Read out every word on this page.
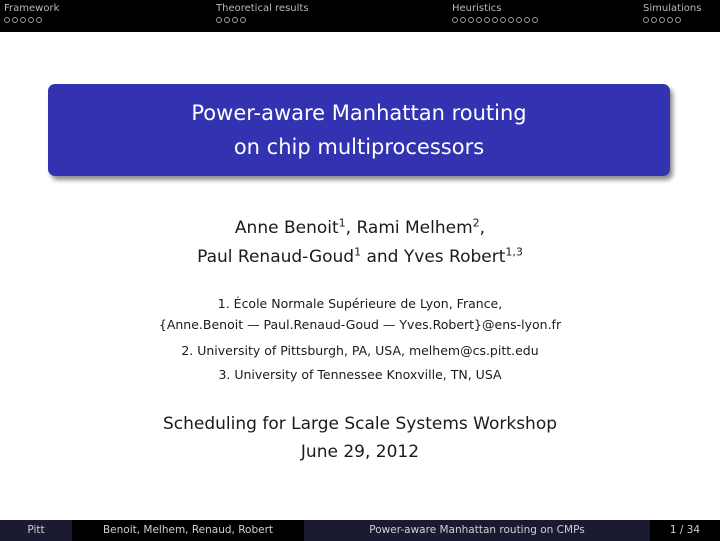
Framework	Theoretical results	Heuristics	Simulations
Power-aware Manhattan routing
on chip multiprocessors
Anne Benoit$^1$, Rami Melhem$^2$,
Paul Renaud-Goud$^1$ and Yves Robert$^{1,3}$
1. École Normale Supérieure de Lyon, France,
{Anne.Benoit — Paul.Renaud-Goud — Yves.Robert}@ens-lyon.fr
2. University of Pittsburgh, PA, USA, melhem@cs.pitt.edu
3. University of Tennessee Knoxville, TN, USA
Scheduling for Large Scale Systems Workshop
June 29, 2012
Pitt	Benoit, Melhem, Renaud, Robert	Power-aware Manhattan routing on CMPs	1 / 34
